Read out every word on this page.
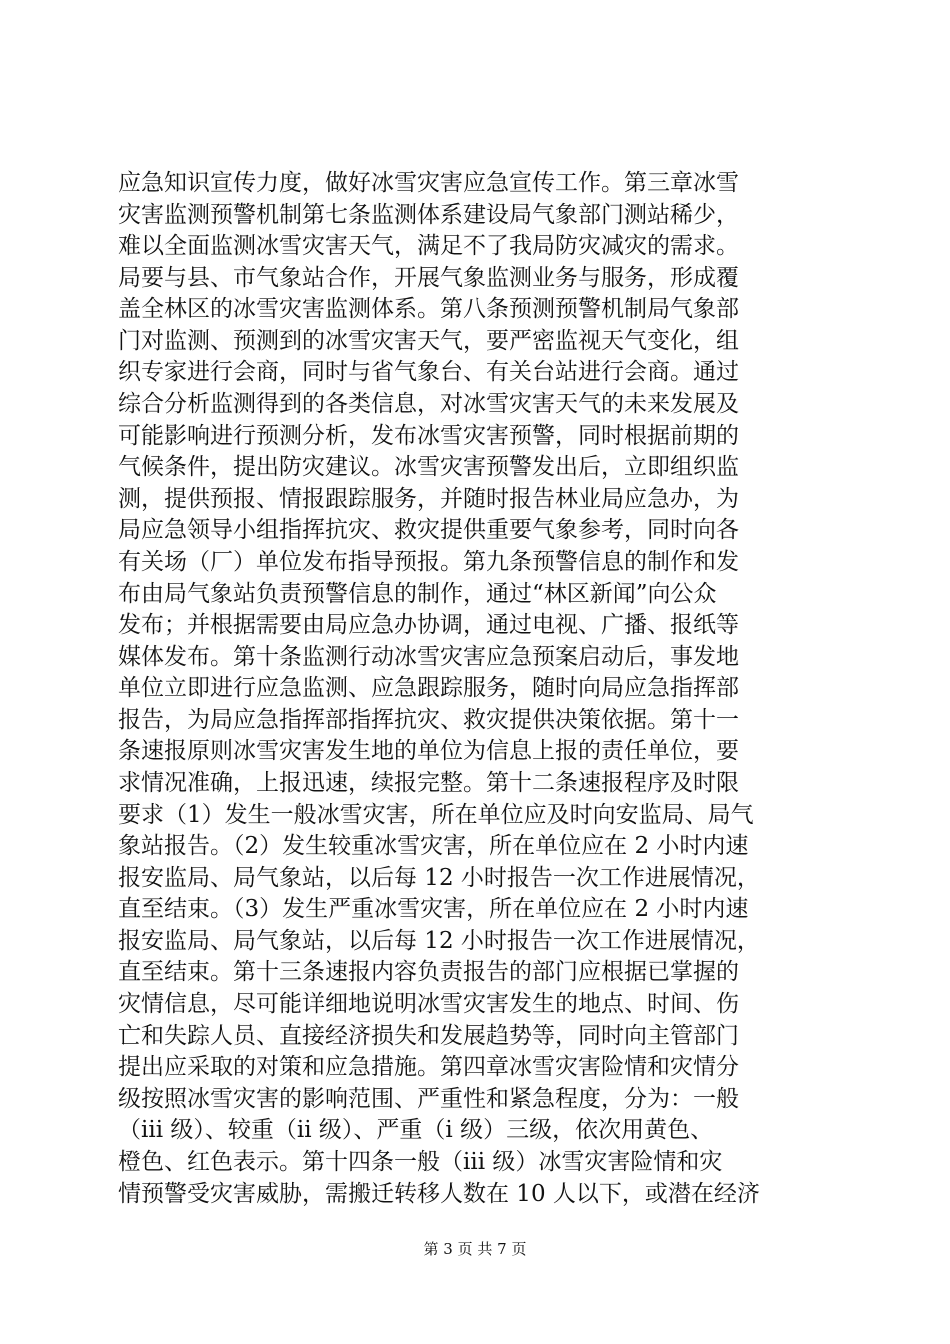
应急知识宣传力度，做好冰雪灾害应急宣传工作。第三章冰雪
灾害监测预警机制第七条监测体系建设局气象部门测站稀少，
难以全面监测冰雪灾害天气，满足不了我局防灾减灾的需求。
局要与县、市气象站合作，开展气象监测业务与服务，形成覆
盖全林区的冰雪灾害监测体系。第八条预测预警机制局气象部
门对监测、预测到的冰雪灾害天气，要严密监视天气变化，组
织专家进行会商，同时与省气象台、有关台站进行会商。通过
综合分析监测得到的各类信息，对冰雪灾害天气的未来发展及
可能影响进行预测分析，发布冰雪灾害预警，同时根据前期的
气候条件，提出防灾建议。冰雪灾害预警发出后，立即组织监
测，提供预报、情报跟踪服务，并随时报告林业局应急办，为
局应急领导小组指挥抗灾、救灾提供重要气象参考，同时向各
有关场（厂）单位发布指导预报。第九条预警信息的制作和发
布由局气象站负责预警信息的制作，通过“林区新闻”向公众
发布；并根据需要由局应急办协调，通过电视、广播、报纸等
媒体发布。第十条监测行动冰雪灾害应急预案启动后，事发地
单位立即进行应急监测、应急跟踪服务，随时向局应急指挥部
报告，为局应急指挥部指挥抗灾、救灾提供决策依据。第十一
条速报原则冰雪灾害发生地的单位为信息上报的责任单位，要
求情况准确，上报迅速，续报完整。第十二条速报程序及时限
要求（1）发生一般冰雪灾害，所在单位应及时向安监局、局气
象站报告。（2）发生较重冰雪灾害，所在单位应在 2 小时内速
报安监局、局气象站，以后每 12 小时报告一次工作进展情况，
直至结束。（3）发生严重冰雪灾害，所在单位应在 2 小时内速
报安监局、局气象站，以后每 12 小时报告一次工作进展情况，
直至结束。第十三条速报内容负责报告的部门应根据已掌握的
灾情信息，尽可能详细地说明冰雪灾害发生的地点、时间、伤
亡和失踪人员、直接经济损失和发展趋势等，同时向主管部门
提出应采取的对策和应急措施。第四章冰雪灾害险情和灾情分
级按照冰雪灾害的影响范围、严重性和紧急程度，分为：一般
（iii 级）、较重（ii 级）、严重（i 级）三级，依次用黄色、
橙色、红色表示。第十四条一般（iii 级）冰雪灾害险情和灾
情预警受灾害威胁，需搬迁转移人数在 10 人以下，或潜在经济
第 3 页 共 7 页
